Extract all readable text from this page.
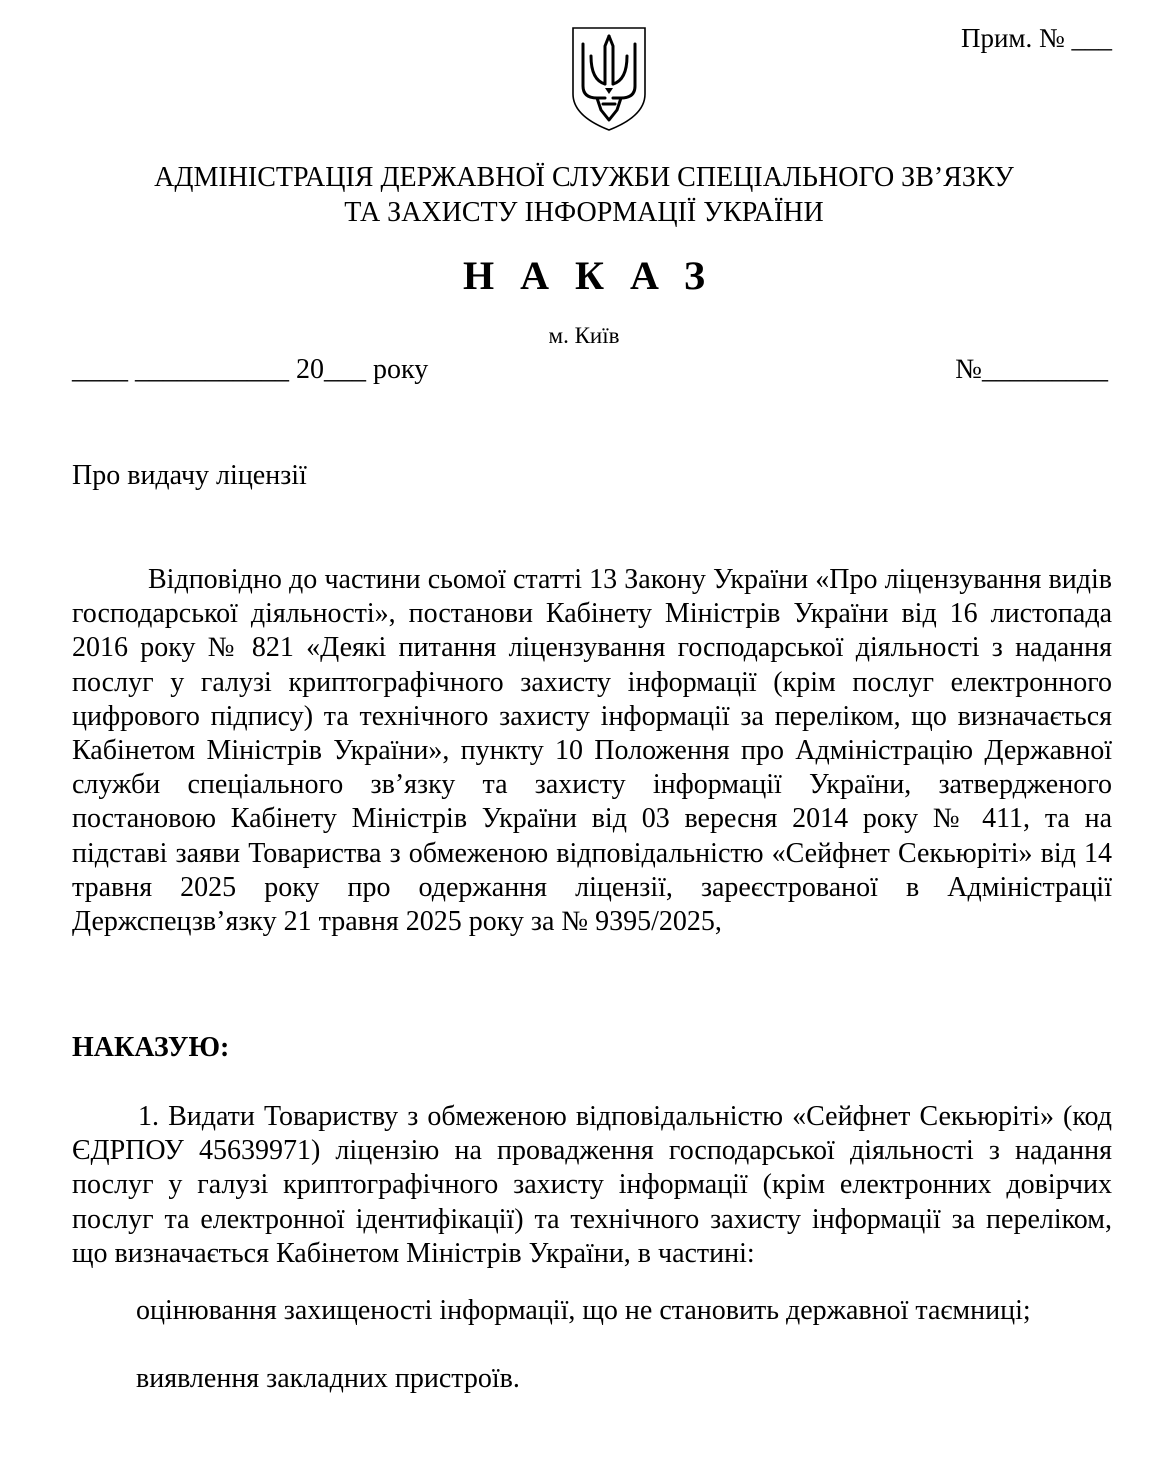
Прим. № ___
АДМІНІСТРАЦІЯ ДЕРЖАВНОЇ СЛУЖБИ СПЕЦІАЛЬНОГО ЗВ’ЯЗКУ
ТА ЗАХИСТУ ІНФОРМАЦІЇ УКРАЇНИ
НАКАЗ
м. Київ
____ ___________ 20___ року	№_________
Про видачу ліцензії

Відповідно до частини сьомої статті 13 Закону України «Про ліцензування видів господарської діяльності», постанови Кабінету Міністрів України від 16 листопада 2016 року № 821 «Деякі питання ліцензування господарської діяльності з надання послуг у галузі криптографічного захисту інформації (крім послуг електронного цифрового підпису) та технічного захисту інформації за переліком, що визначається Кабінетом Міністрів України», пункту 10 Положення про Адміністрацію Державної служби спеціального зв’язку та захисту інформації України, затвердженого постановою Кабінету Міністрів України від 03 вересня 2014 року № 411, та на підставі заяви Товариства з обмеженою відповідальністю «Сейфнет Секьюріті» від 14 травня 2025 року про одержання ліцензії, зареєстрованої в Адміністрації Держспецзв’язку 21 травня 2025 року за № 9395/2025,

НАКАЗУЮ:

1. Видати Товариству з обмеженою відповідальністю «Сейфнет Секьюріті» (код ЄДРПОУ 45639971) ліцензію на провадження господарської діяльності з надання послуг у галузі криптографічного захисту інформації (крім електронних довірчих послуг та електронної ідентифікації) та технічного захисту інформації за переліком, що визначається Кабінетом Міністрів України, в частині:

оцінювання захищеності інформації, що не становить державної таємниці;

виявлення закладних пристроїв.
